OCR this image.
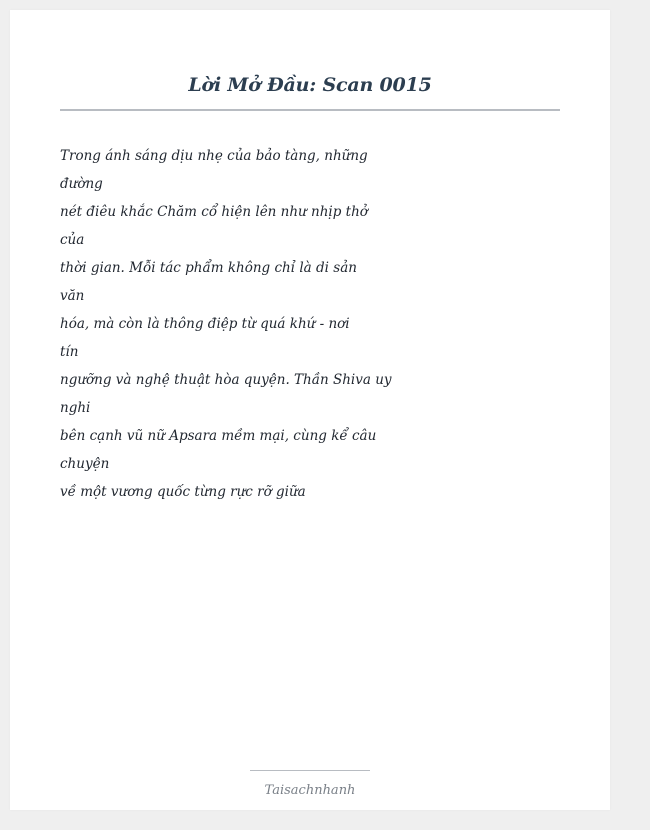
Lời Mở Đầu: Scan 0015
Trong ánh sáng dịu nhẹ của bảo tàng, những
đường
nét điêu khắc Chăm cổ hiện lên như nhịp thở
của
thời gian. Mỗi tác phẩm không chỉ là di sản
văn
hóa, mà còn là thông điệp từ quá khứ - nơi
tín
ngưỡng và nghệ thuật hòa quyện. Thần Shiva uy
nghi
bên cạnh vũ nữ Apsara mềm mại, cùng kể câu
chuyện
về một vương quốc từng rực rỡ giữa
Taisachnhanh
